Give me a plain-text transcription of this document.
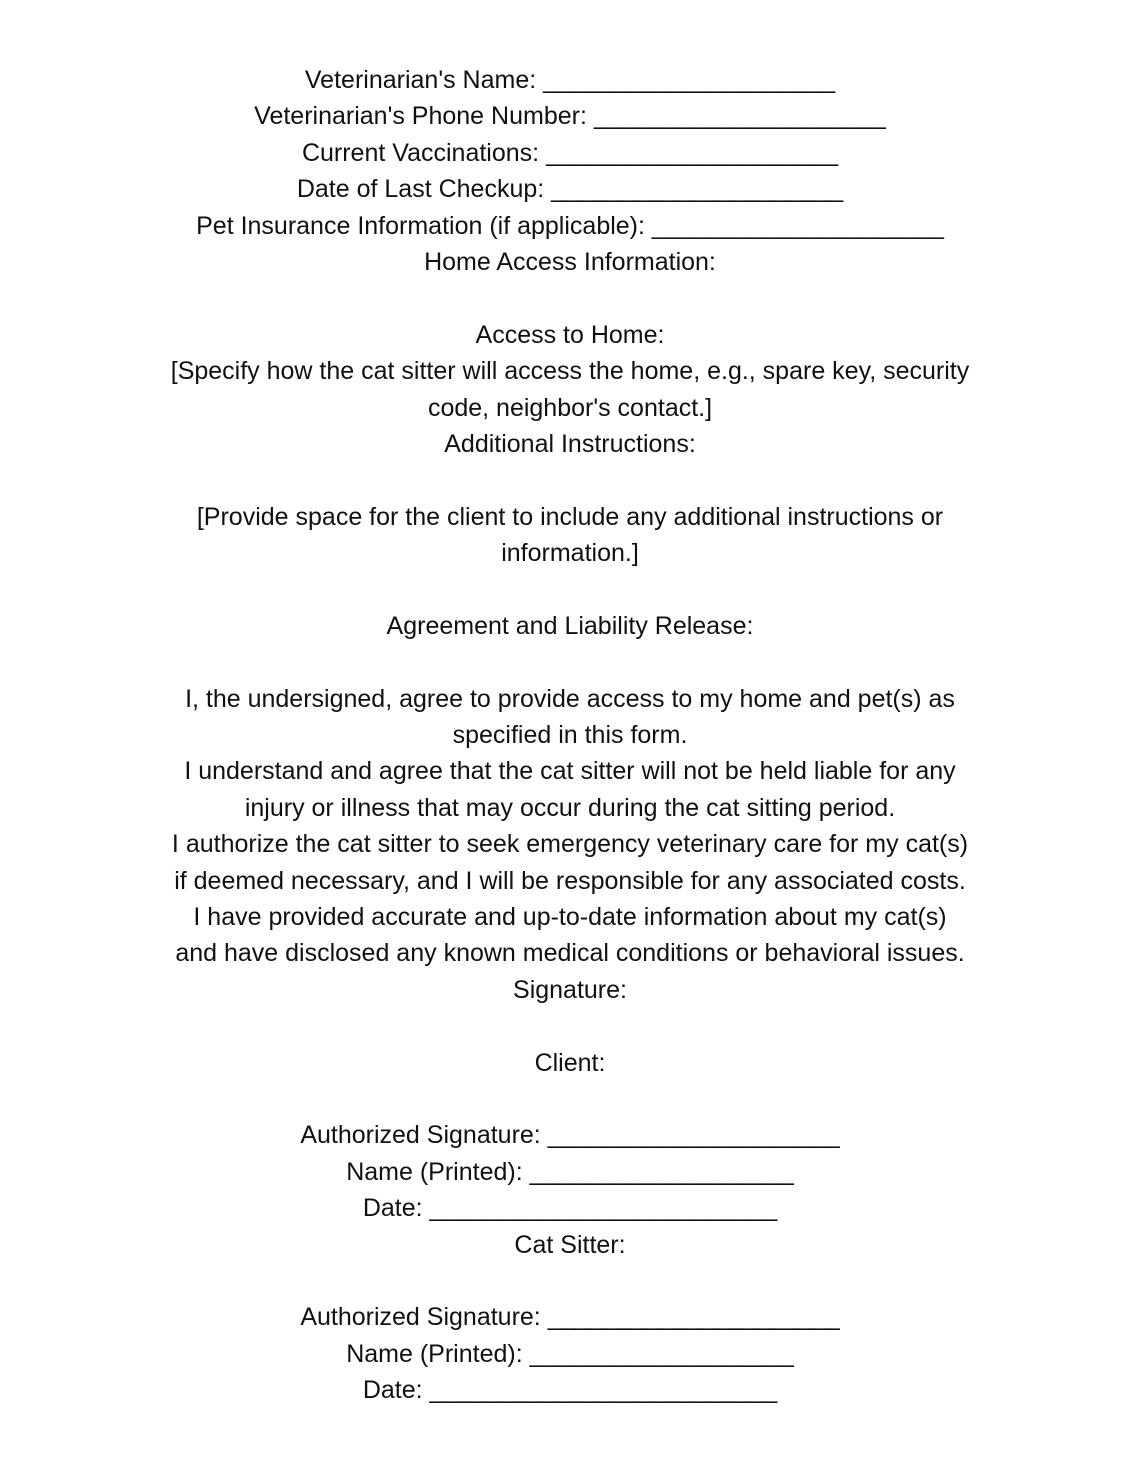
Veterinarian's Name: _____________________
Veterinarian's Phone Number: _____________________
Current Vaccinations: _____________________
Date of Last Checkup: _____________________
Pet Insurance Information (if applicable): _____________________
Home Access Information:
Access to Home:
[Specify how the cat sitter will access the home, e.g., spare key, security
code, neighbor's contact.]
Additional Instructions:
[Provide space for the client to include any additional instructions or
information.]
Agreement and Liability Release:
I, the undersigned, agree to provide access to my home and pet(s) as
specified in this form.
I understand and agree that the cat sitter will not be held liable for any
injury or illness that may occur during the cat sitting period.
I authorize the cat sitter to seek emergency veterinary care for my cat(s)
if deemed necessary, and I will be responsible for any associated costs.
I have provided accurate and up-to-date information about my cat(s)
and have disclosed any known medical conditions or behavioral issues.
Signature:
Client:
Authorized Signature: _____________________
Name (Printed): ___________________
Date: _________________________
Cat Sitter:
Authorized Signature: _____________________
Name (Printed): ___________________
Date: _________________________
